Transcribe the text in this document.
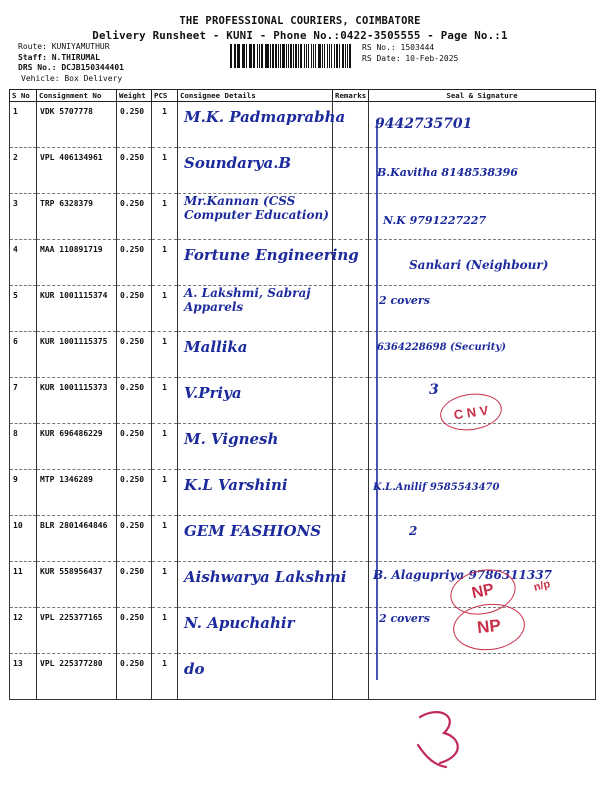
THE PROFESSIONAL COURIERS, COIMBATORE
Delivery Runsheet - KUNI - Phone No.:0422-3505555 - Page No.:1
Route: KUNIYAMUTHUR
Staff: N.THIRUMAL
DRS No.: DCJB150344401
Vehicle: Box Delivery
RS No.: 1503444
RS Date: 10-Feb-2025
S No	Consignment No	Weight	PCS	Consignee Details	Remarks	Seal & Signature
1	VDK 5707778	0.250	1	M.K. Padmaprabha		9442735701

2	VPL 406134961	0.250	1	Soundarya.B		B.Kavitha 8148538396

3	TRP 6328379	0.250	1	Mr.Kannan (CSS Computer Education)		N.K 9791227227

4	MAA 110891719	0.250	1	Fortune Engineering		Sankari (Neighbour)

5	KUR 1001115374	0.250	1	A. Lakshmi, Sabraj Apparels		2 covers

6	KUR 1001115375	0.250	1	Mallika		6364228698 (Security)

7	KUR 1001115373	0.250	1	V.Priya		3

8	KUR 696486229	0.250	1	M. Vignesh		

9	MTP 1346289	0.250	1	K.L Varshini		K.L.Anilif 9585543470

10	BLR 2801464846	0.250	1	GEM FASHIONS		2

11	KUR 558956437	0.250	1	Aishwarya Lakshmi		B. Alagupriya 9786311337

12	VPL 225377165	0.250	1	N. Apuchahir		2 covers

13	VPL 225377280	0.250	1	do		

C N V
NP
NP
n/p
